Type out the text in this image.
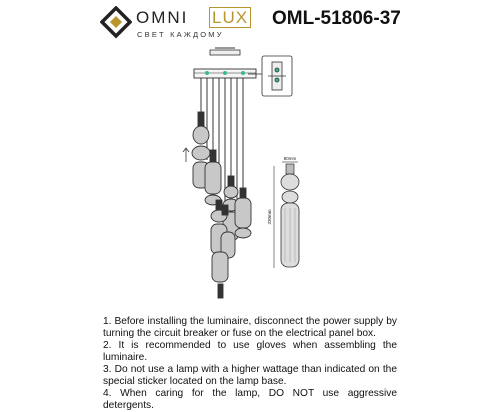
OMNI LUX
СВЕТ КАЖДОМУ
OML-51806-37
80mm
330mm

1. Before installing the luminaire, disconnect the power supply by turning the circuit breaker or fuse on the electrical panel box.

2. It is recommended to use gloves when assembling the luminaire.

3. Do not use a lamp with a higher wattage than indicated on the special sticker located on the lamp base.

4. When caring for the lamp, DO NOT use aggressive detergents.
